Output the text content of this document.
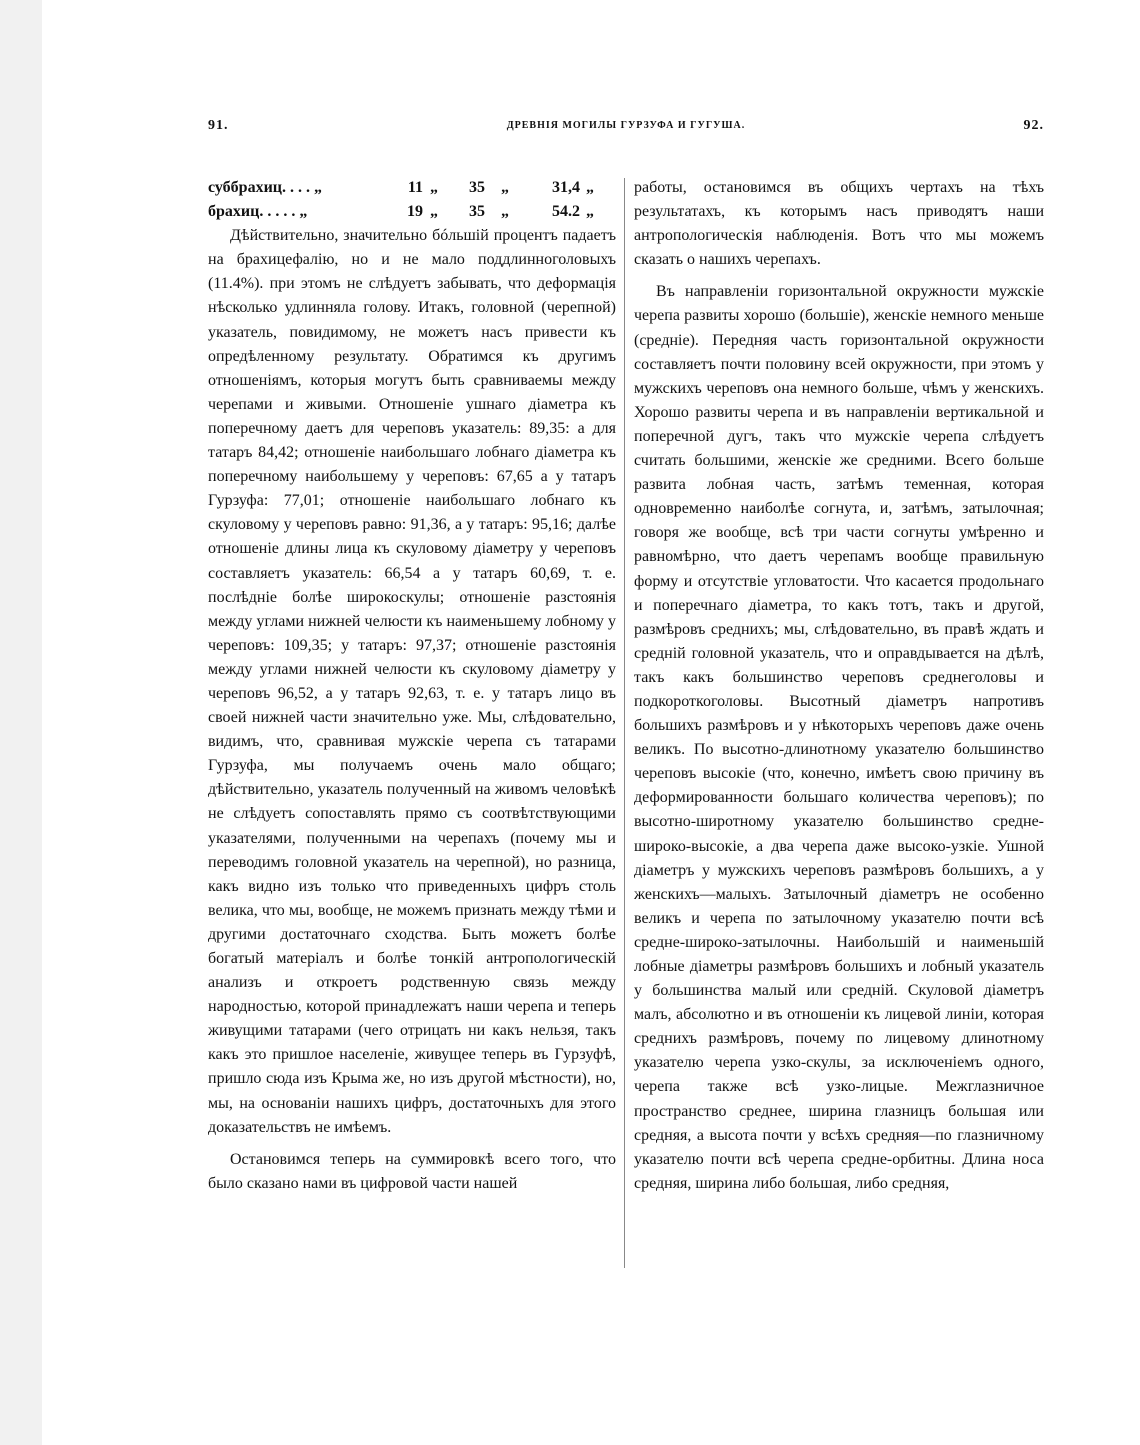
91.	ДРЕВНІЯ МОГИЛЫ ГУРЗУФА И ГУГУША.	92.
суббрахиц. . . . „	11 „	35	„	31,4 „
брахиц. . . . . „	19 „	35	„	54.2 „

Дѣйствительно, значительно бóльшій процентъ падаетъ на брахицефалію, но и не мало поддлинноголовыхъ (11.4%). при этомъ не слѣдуетъ забывать, что деформація нѣсколько удлинняла голову. Итакъ, головной (черепной) указатель, повидимому, не можетъ насъ привести къ опредѣленному результату. Обратимся къ другимъ отношеніямъ, которыя могутъ быть сравниваемы между черепами и живыми. Отношеніе ушнаго діаметра къ поперечному даетъ для череповъ указатель: 89,35: а для татаръ 84,42; отношеніе наибольшаго лобнаго діаметра къ поперечному наибольшему у череповъ: 67,65 а у татаръ Гурзуфа: 77,01; отношеніе наибольшаго лобнаго къ скуловому у череповъ равно: 91,36, а у татаръ: 95,16; далѣе отношеніе длины лица къ скуловому діаметру у череповъ составляетъ указатель: 66,54 а у татаръ 60,69, т. е. послѣдніе болѣе широкоскулы; отношеніе разстоянія между углами нижней челюсти къ наименьшему лобному у череповъ: 109,35; у татаръ: 97,37; отношеніе разстоянія между углами нижней челюсти къ скуловому діаметру у череповъ 96,52, а у татаръ 92,63, т. е. у татаръ лицо въ своей нижней части значительно уже. Мы, слѣдовательно, видимъ, что, сравнивая мужскіе черепа съ татарами Гурзуфа, мы получаемъ очень мало общаго; дѣйствительно, указатель полученный на живомъ человѣкѣ не слѣдуетъ сопоставлять прямо съ соотвѣтствующими указателями, полученными на черепахъ (почему мы и переводимъ головной указатель на черепной), но разница, какъ видно изъ только что приведенныхъ цифръ столь велика, что мы, вообще, не можемъ признать между тѣми и другими достаточнаго сходства. Быть можетъ болѣе богатый матеріалъ и болѣе тонкій антропологическій анализъ и откроетъ родственную связь между народностью, которой принадлежатъ наши черепа и теперь живущими татарами (чего отрицать ни какъ нельзя, такъ какъ это пришлое населеніе, живущее теперь въ Гурзуфѣ, пришло сюда изъ Крыма же, но изъ другой мѣстности), но, мы, на основаніи нашихъ цифръ, достаточныхъ для этого доказательствъ не имѣемъ.

Остановимся теперь на суммировкѣ всего того, что было сказано нами въ цифровой части нашей

работы, остановимся въ общихъ чертахъ на тѣхъ результатахъ, къ которымъ насъ приводятъ наши антропологическія наблюденія. Вотъ что мы можемъ сказать о нашихъ черепахъ.

Въ направленіи горизонтальной окружности мужскіе черепа развиты хорошо (большіе), женскіе немного меньше (средніе). Передняя часть горизонтальной окружности составляетъ почти половину всей окружности, при этомъ у мужскихъ череповъ она немного больше, чѣмъ у женскихъ. Хорошо развиты черепа и въ направленіи вертикальной и поперечной дугъ, такъ что мужскіе черепа слѣдуетъ считать большими, женскіе же средними. Всего больше развита лобная часть, затѣмъ теменная, которая одновременно наиболѣе согнута, и, затѣмъ, затылочная; говоря же вообще, всѣ три части согнуты умѣренно и равномѣрно, что даетъ черепамъ вообще правильную форму и отсутствіе угловатости. Что касается продольнаго и поперечнаго діаметра, то какъ тотъ, такъ и другой, размѣровъ среднихъ; мы, слѣдовательно, въ правѣ ждать и средній головной указатель, что и оправдывается на дѣлѣ, такъ какъ большинство череповъ среднеголовы и подкороткоголовы. Высотный діаметръ напротивъ большихъ размѣровъ и у нѣкоторыхъ череповъ даже очень великъ. По высотно-длинотному указателю большинство череповъ высокіе (что, конечно, имѣетъ свою причину въ деформированности большаго количества череповъ); по высотно-широтному указателю большинство средне-широко-высокіе, а два черепа даже высоко-узкіе. Ушной діаметръ у мужскихъ череповъ размѣровъ большихъ, а у женскихъ—малыхъ. Затылочный діаметръ не особенно великъ и черепа по затылочному указателю почти всѣ средне-широко-затылочны. Наибольшій и наименьшій лобные діаметры размѣровъ большихъ и лобный указатель у большинства малый или средній. Скуловой діаметръ малъ, абсолютно и въ отношеніи къ лицевой линіи, которая среднихъ размѣровъ, почему по лицевому длинотному указателю черепа узко-скулы, за исключеніемъ одного, черепа также всѣ узко-лицые. Межглазничное пространство среднее, ширина глазницъ большая или средняя, а высота почти у всѣхъ средняя—по глазничному указателю почти всѣ черепа средне-орбитны. Длина носа средняя, ширина либо большая, либо средняя,
